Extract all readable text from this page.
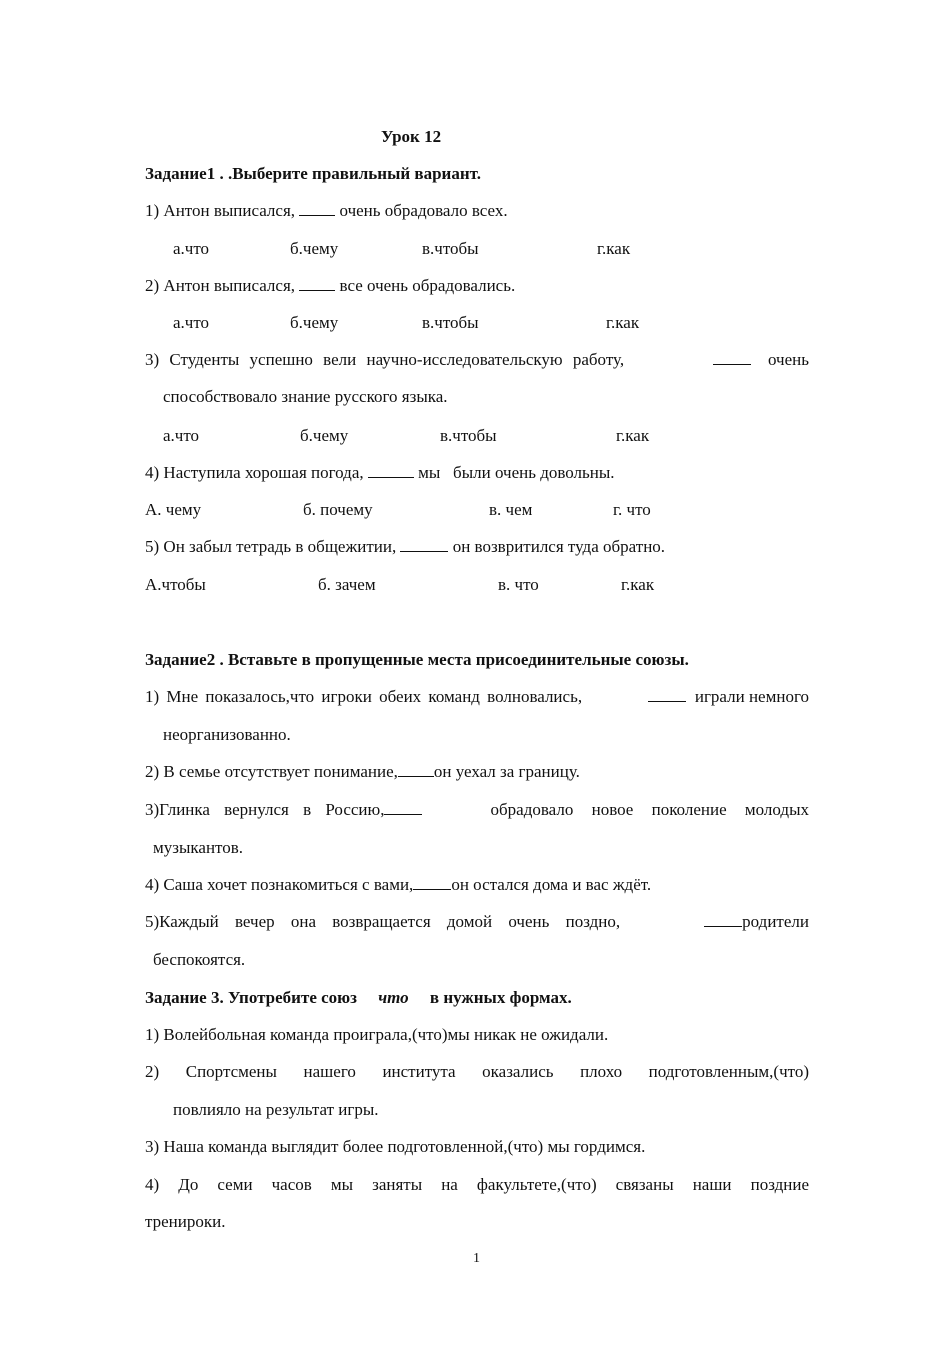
Урок 12
Задание1 . .Выберите правильный вариант.
1) Антон выписался,	очень обрадовало всех.
а.что	б.чему	в.чтобы	г.как
2) Антон выписался,	все очень обрадовались.
а.что	б.чему	в.чтобы	г.как
3) Студенты успешно вели научно-исследовательскую работу,	очень
способствовало знание русского языка.
а.что	б.чему	в.чтобы	г.как
4) Наступила хорошая погода,	мы   были очень довольны.
А. чему	б. почему	в. чем	г. что
5) Он забыл тетрадь в общежитии,	он возвритился туда обратно.
А.чтобы	б. зачем	в. что	г.как
Задание2 . Вставьте в пропущенные места присоединительные союзы.
1) Мне показалось,что игроки обеих команд волновались,	играли немного
неорганизованно.
2) В семье отсутствует понимание, он уехал за границу.
3)Глинка вернулся в Россию,	обрадовало новое поколение молодых
музыкантов.
4) Саша хочет познакомиться с вами, он остался дома и вас ждёт.
5)Каждый вечер она возвращается домой очень поздно,	родители
беспокоятся.
Задание 3. Употребите союз что в нужных формах.
1) Волейбольная команда проиграла,(что)мы никак не ожидали.
2) Спортсмены нашего института оказались плохо подготовленным,(что)
повлияло на результат игры.
3) Наша команда выглядит более подготовленной,(что) мы гордимся.
4) До семи часов мы заняты на факультете,(что) связаны наши поздние
тренироки.
1
